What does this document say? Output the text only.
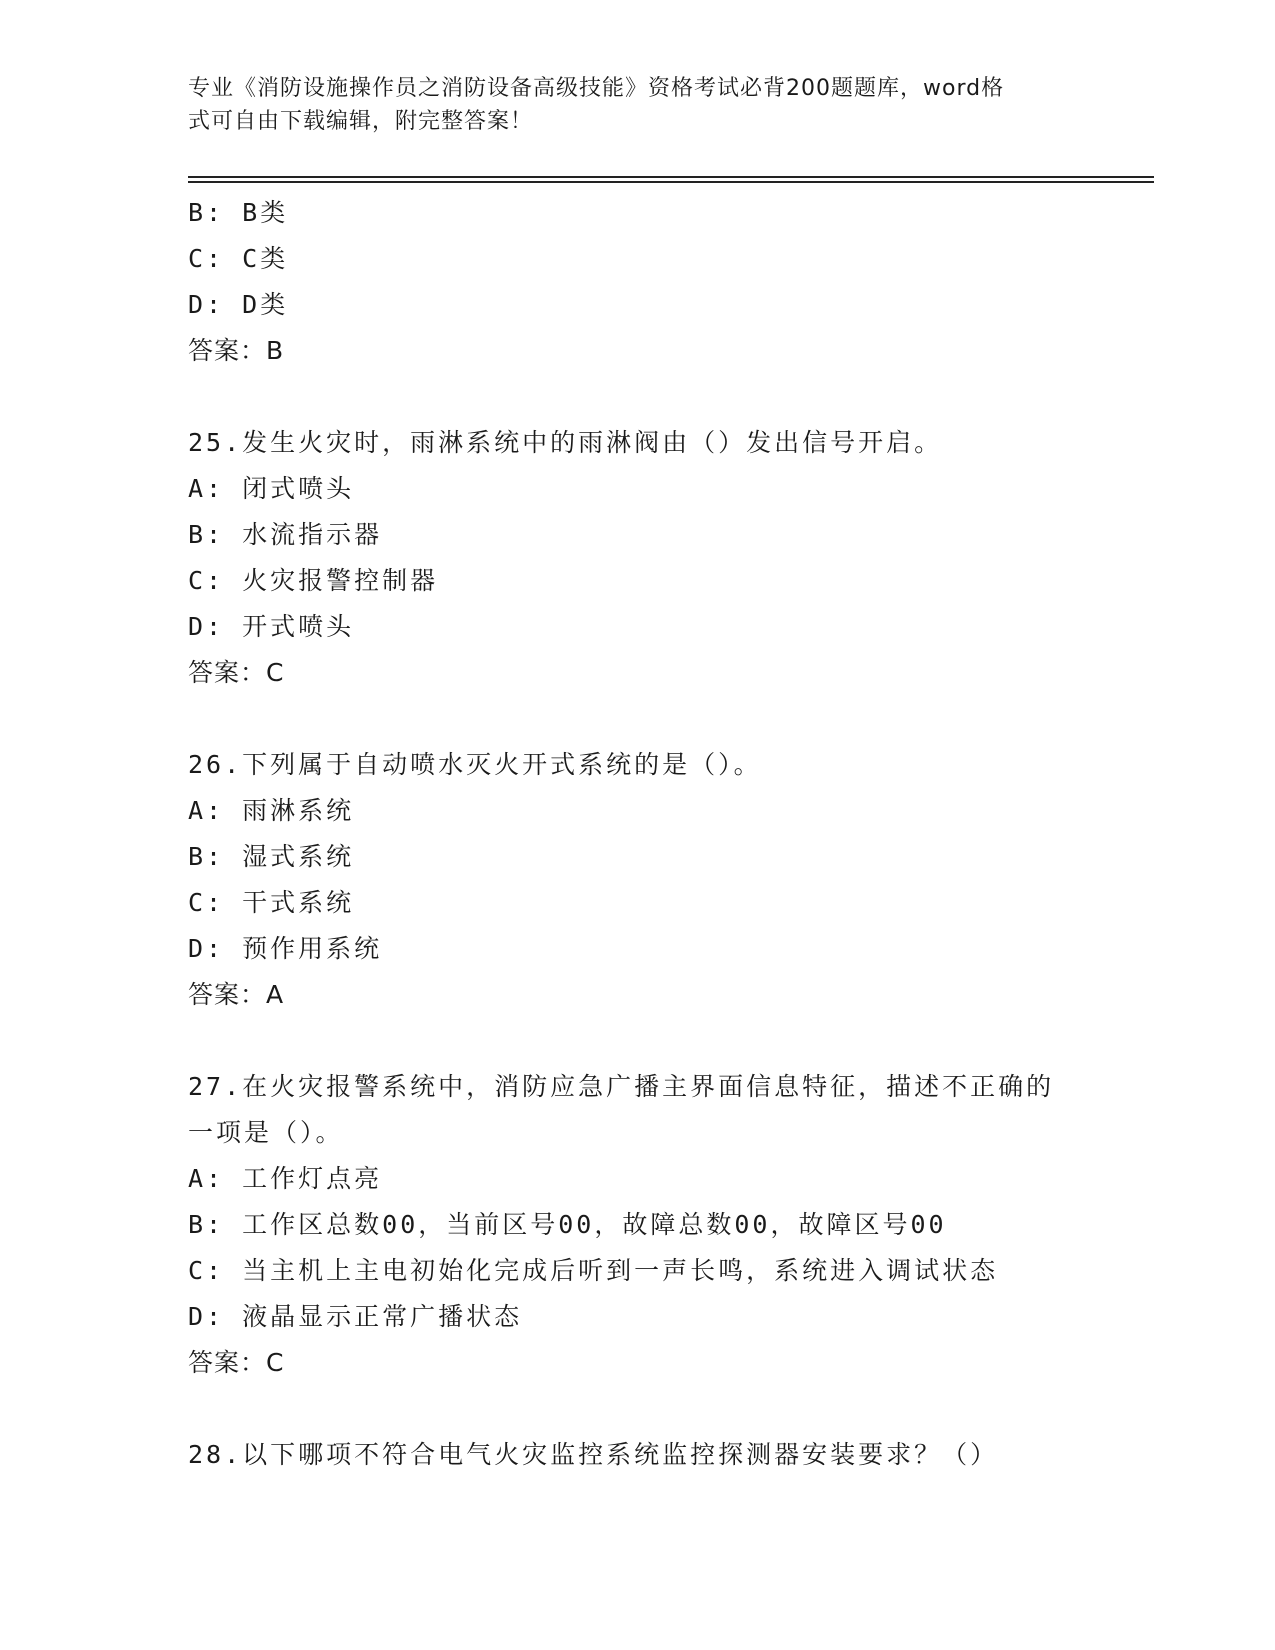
专业《消防设施操作员之消防设备高级技能》资格考试必背200题题库，word格
式可自由下载编辑，附完整答案！
B: B类
C: C类
D: D类
答案：B
25.发生火灾时，雨淋系统中的雨淋阀由（）发出信号开启。
A: 闭式喷头
B: 水流指示器
C: 火灾报警控制器
D: 开式喷头
答案：C
26.下列属于自动喷水灭火开式系统的是（）。
A: 雨淋系统
B: 湿式系统
C: 干式系统
D: 预作用系统
答案：A
27.在火灾报警系统中，消防应急广播主界面信息特征，描述不正确的
一项是（）。
A: 工作灯点亮
B: 工作区总数00，当前区号00，故障总数00，故障区号00
C: 当主机上主电初始化完成后听到一声长鸣，系统进入调试状态
D: 液晶显示正常广播状态
答案：C
28.以下哪项不符合电气火灾监控系统监控探测器安装要求？（）
